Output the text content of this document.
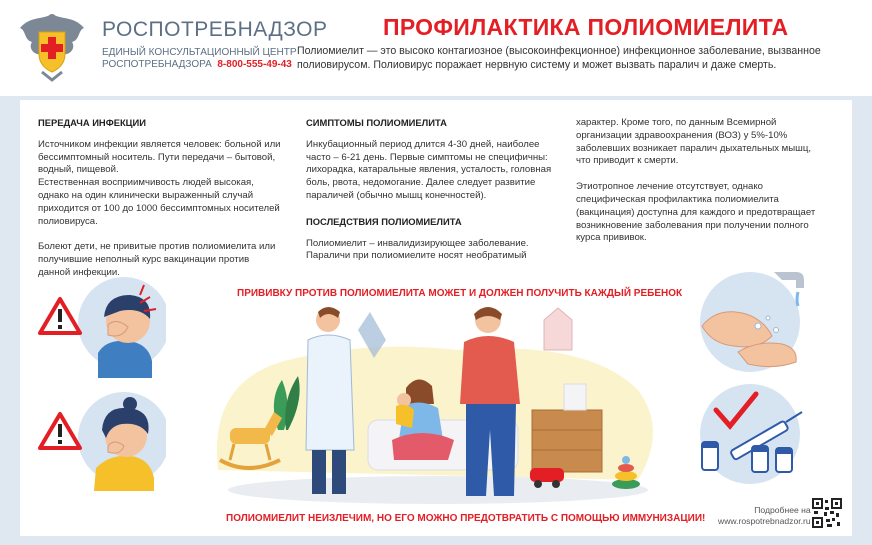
РОСПОТРЕБНАДЗОР
ЕДИНЫЙ КОНСУЛЬТАЦИОННЫЙ ЦЕНТР
РОСПОТРЕБНАДЗОРА 8-800-555-49-43
ПРОФИЛАКТИКА ПОЛИОМИЕЛИТА
Полиомиелит — это высоко контагиозное (высокоинфекционное) инфекционное заболевание, вызванное полиовирусом. Полиовирус поражает нервную систему и может вызвать паралич и даже смерть.
ПЕРЕДАЧА ИНФЕКЦИИ

Источником инфекции является человек: больной или бессимптомный носитель. Пути передачи – бытовой, водный, пищевой.

Естественная восприимчивость людей высокая, однако на один клинически выраженный случай приходится от 100 до 1000 бессимптомных носителей полиовируса.

Болеют дети, не привитые против полиомиелита или получившие неполный курс вакцинации против данной инфекции.

СИМПТОМЫ ПОЛИОМИЕЛИТА

Инкубационный период длится 4-30 дней, наиболее часто – 6-21 день. Первые симптомы не специфичны: лихорадка, катаральные явления, усталость, головная боль, рвота, недомогание. Далее следует развитие параличей (обычно мышц конечностей).

ПОСЛЕДСТВИЯ ПОЛИОМИЕЛИТА

Полиомиелит – инвалидизирующее заболевание. Параличи при полиомиелите носят необратимый

характер. Кроме того, по данным Всемирной организации здравоохранения (ВОЗ) у 5%-10% заболевших возникает паралич дыхательных мышц, что приводит к смерти.

Этиотропное лечение отсутствует, однако специфическая профилактика полиомиелита (вакцинация) доступна для каждого и предотвращает возникновение заболевания при получении полного курса прививок.

ПРИВИВКУ ПРОТИВ ПОЛИОМИЕЛИТА МОЖЕТ И ДОЛЖЕН ПОЛУЧИТЬ КАЖДЫЙ РЕБЕНОК
ПОЛИОМИЕЛИТ НЕИЗЛЕЧИМ, НО ЕГО МОЖНО ПРЕДОТВРАТИТЬ С ПОМОЩЬЮ ИММУНИЗАЦИИ!
Подробнее на
www.rospotrebnadzor.ru
